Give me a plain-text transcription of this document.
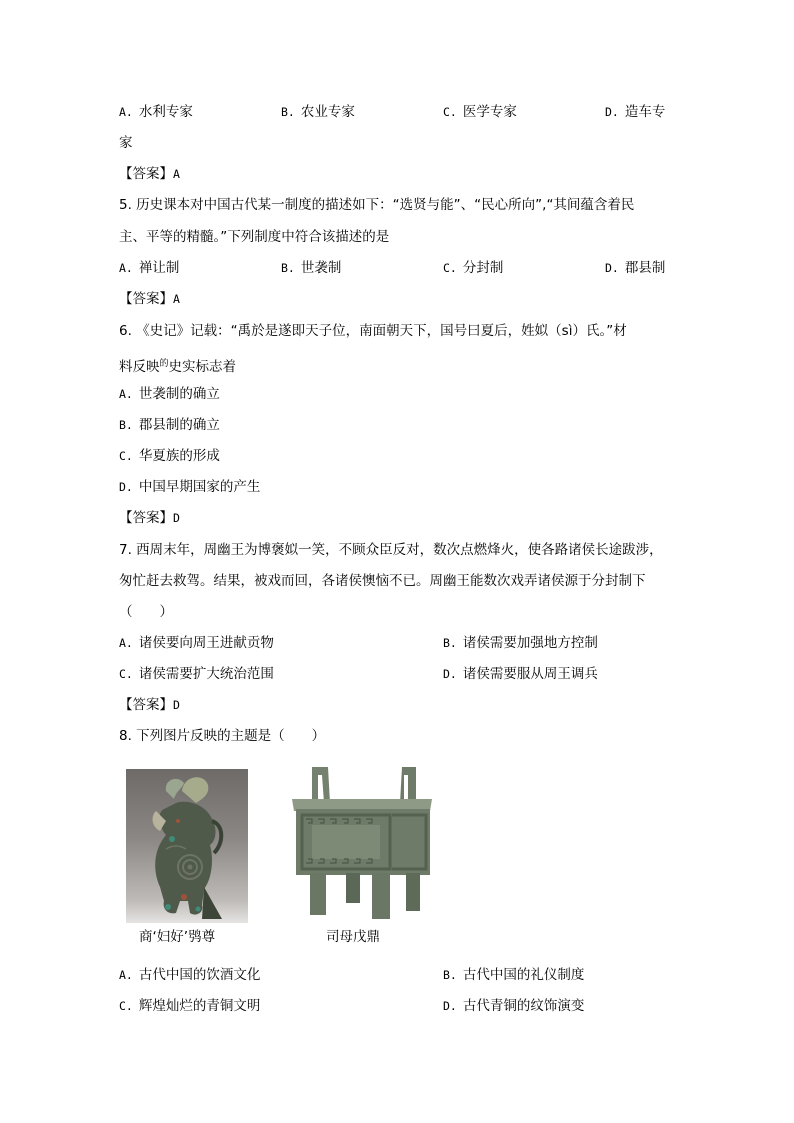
A. 水利专家	B. 农业专家	C. 医学专家	D. 造车专
家
【答案】A
5. 历史课本对中国古代某一制度的描述如下：“选贤与能”、“民心所向”,“其间蕴含着民
主、平等的精髓。”下列制度中符合该描述的是
A. 禅让制	B. 世袭制	C. 分封制	D. 郡县制
【答案】A
6. 《史记》记载：“禹於是遂即天子位，南面朝天下，国号曰夏后，姓姒（sì）氏。”材
料反映$^的$史实标志着
A. 世袭制的确立
B. 郡县制的确立
C. 华夏族的形成
D. 中国早期国家的产生
【答案】D
7. 西周末年，周幽王为博褒姒一笑，不顾众臣反对，数次点燃烽火，使各路诸侯长途跋涉，
匆忙赶去救驾。结果，被戏而回，各诸侯懊恼不已。周幽王能数次戏弄诸侯源于分封制下
（　　）
A. 诸侯要向周王进献贡物	B. 诸侯需要加强地方控制
C. 诸侯需要扩大统治范围	D. 诸侯需要服从周王调兵
【答案】D
8. 下列图片反映的主题是（　　）
商‘妇好’鸮尊	司母戊鼎
A. 古代中国的饮酒文化	B. 古代中国的礼仪制度
C. 辉煌灿烂的青铜文明	D. 古代青铜的纹饰演变
